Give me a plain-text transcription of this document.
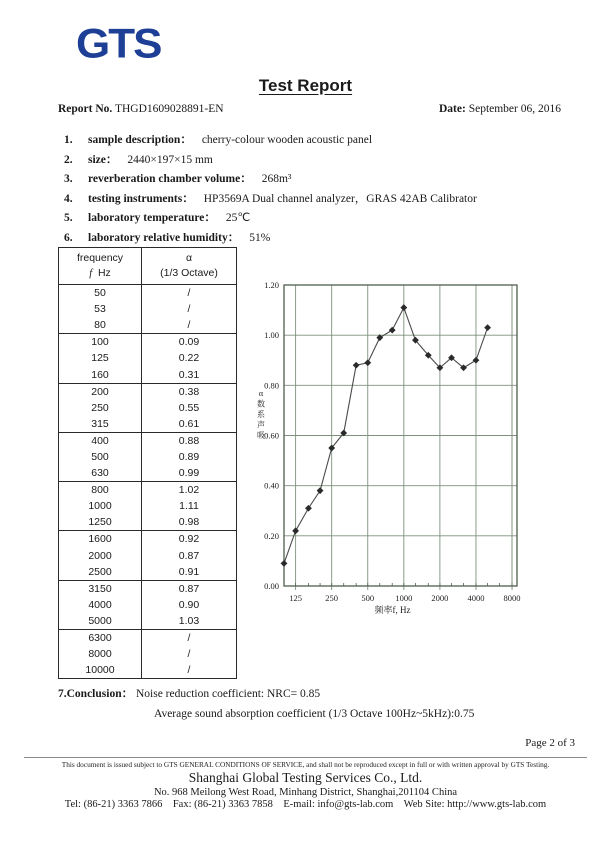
GTS
Test Report
Report No. THGD1609028891-EN	Date: September 06, 2016
1.	sample description： cherry-colour wooden acoustic panel
2.	size： 2440×197×15 mm
3.	reverberation chamber volume： 268m³
4.	testing instruments： HP3569A Dual channel analyzer，GRAS 42AB Calibrator
5.	laboratory temperature： 25℃
6.	laboratory relative humidity： 51%
frequency
f Hz	α
(1/3 Octave)
50	/
53	/
80	/
100	0.09
125	0.22
160	0.31
200	0.38
250	0.55
315	0.61
400	0.88
500	0.89
630	0.99
800	1.02
1000	1.11
1250	0.98
1600	0.92
2000	0.87
2500	0.91
3150	0.87
4000	0.90
5000	1.03
6300	/
8000	/
10000	/
0.00
0.20
0.40
0.60
0.80
1.00
1.20
125	250	500 1000 2000 4000 8000
频率f, Hz
α
数
系
声
吸
7.Conclusion： Noise reduction coefficient: NRC= 0.85
Average sound absorption coefficient (1/3 Octave 100Hz~5kHz):0.75
Page 2 of 3
This document is issued subject to GTS GENERAL CONDITIONS OF SERVICE, and shall not be reproduced except in full or with written approval by GTS Testing.
Shanghai Global Testing Services Co., Ltd.
No. 968 Meilong West Road, Minhang District, Shanghai,201104 China
Tel: (86-21) 3363 7866    Fax: (86-21) 3363 7858    E-mail: info@gts-lab.com    Web Site: http://www.gts-lab.com
